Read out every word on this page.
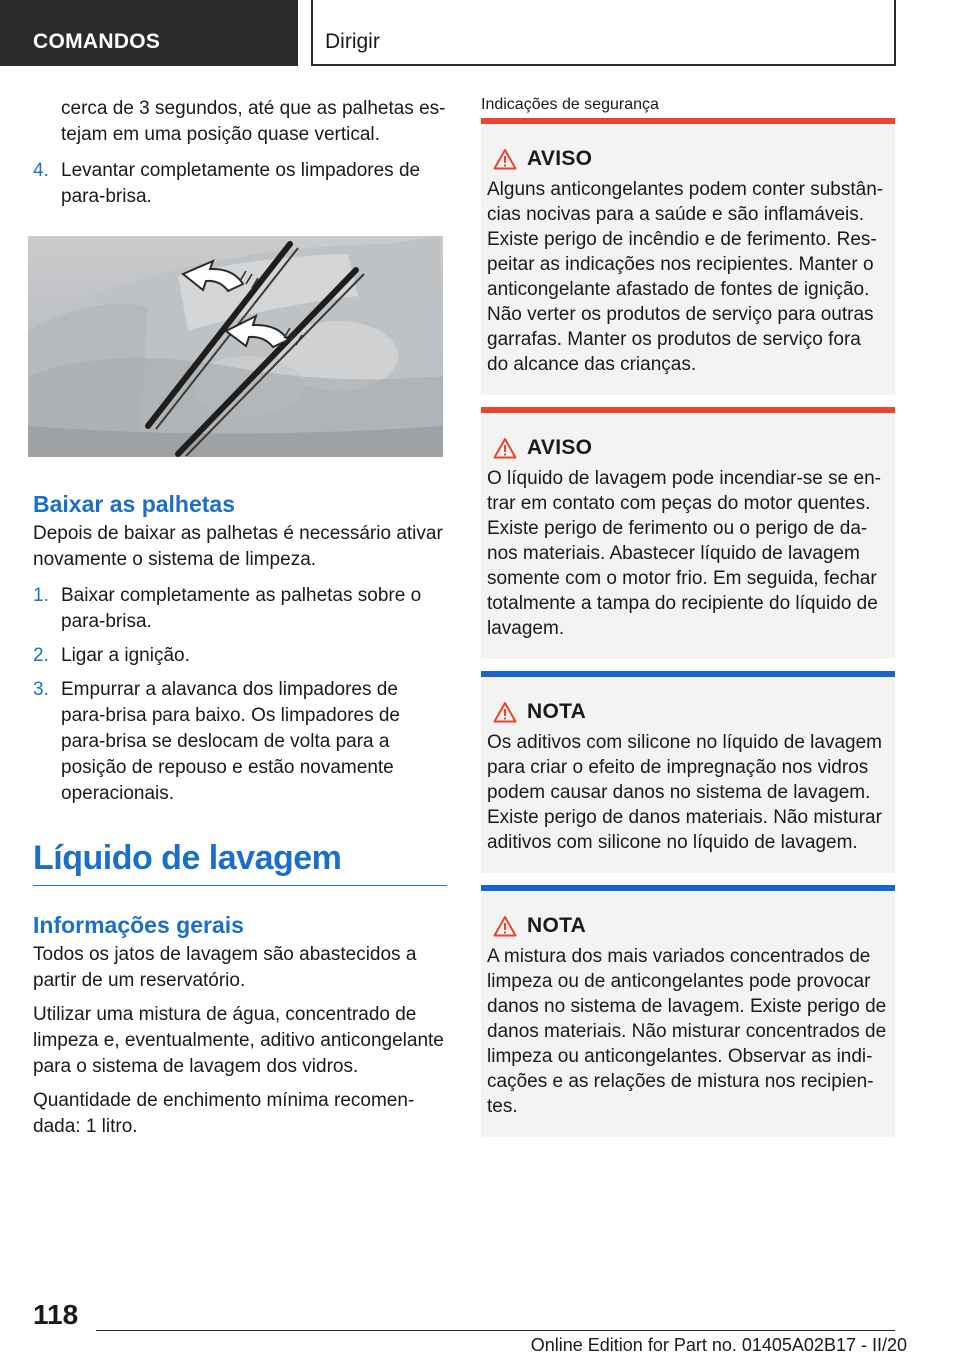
COMANDOS	Dirigir

cerca de 3 segundos, até que as palhetas estejam em uma posição quase vertical.

4. Levantar completamente os limpadores de para-brisa.
Baixar as palhetas

Depois de baixar as palhetas é necessário ativar novamente o sistema de limpeza.

1. Baixar completamente as palhetas sobre o para-brisa.
2. Ligar a ignição.
3. Empurrar a alavanca dos limpadores de para-brisa para baixo. Os limpadores de para-brisa se deslocam de volta para a posição de repouso e estão novamente operacionais.
Líquido de lavagem
Informações gerais

Todos os jatos de lavagem são abastecidos a partir de um reservatório.

Utilizar uma mistura de água, concentrado de limpeza e, eventualmente, aditivo anticongelante para o sistema de lavagem dos vidros.

Quantidade de enchimento mínima recomendada: 1 litro.

Indicações de segurança
AVISO

Alguns anticongelantes podem conter substâncias nocivas para a saúde e são inflamáveis. Existe perigo de incêndio e de ferimento. Respeitar as indicações nos recipientes. Manter o anticongelante afastado de fontes de ignição. Não verter os produtos de serviço para outras garrafas. Manter os produtos de serviço fora do alcance das crianças.

AVISO

O líquido de lavagem pode incendiar-se se entrar em contato com peças do motor quentes. Existe perigo de ferimento ou o perigo de danos materiais. Abastecer líquido de lavagem somente com o motor frio. Em seguida, fechar totalmente a tampa do recipiente do líquido de lavagem.

NOTA

Os aditivos com silicone no líquido de lavagem para criar o efeito de impregnação nos vidros podem causar danos no sistema de lavagem. Existe perigo de danos materiais. Não misturar aditivos com silicone no líquido de lavagem.

NOTA

A mistura dos mais variados concentrados de limpeza ou de anticongelantes pode provocar danos no sistema de lavagem. Existe perigo de danos materiais. Não misturar concentrados de limpeza ou anticongelantes. Observar as indicações e as relações de mistura nos recipientes.

118
Online Edition for Part no. 01405A02B17 - II/20
